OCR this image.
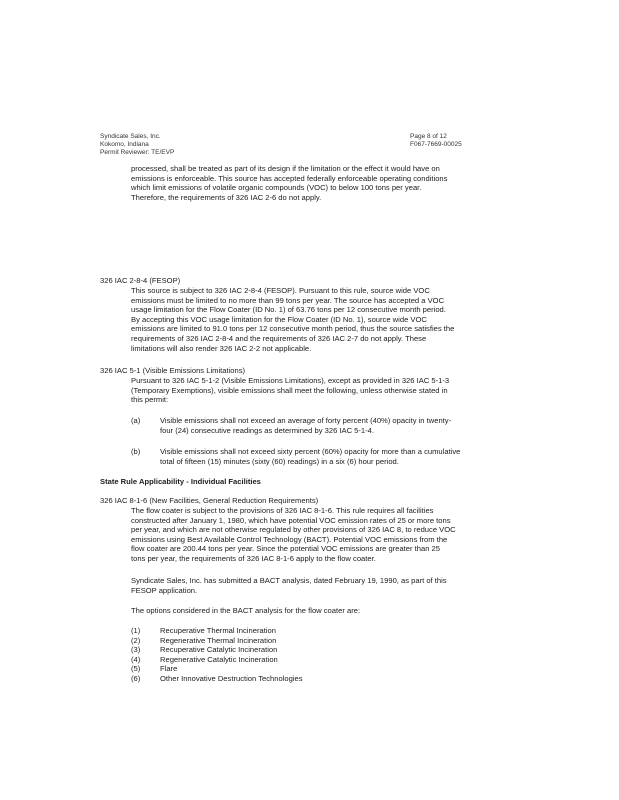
Syndicate Sales, Inc.
Kokomo, Indiana
Permit Reviewer: TE/EVP
Page 8 of 12
F067-7669-00025
processed, shall be treated as part of its design if the limitation or the effect it would have on
emissions is enforceable. This source has accepted federally enforceable operating conditions
which limit emissions of volatile organic compounds (VOC) to below 100 tons per year.
Therefore, the requirements of 326 IAC 2-6 do not apply.
326 IAC 2-8-4 (FESOP)
This source is subject to 326 IAC 2-8-4 (FESOP). Pursuant to this rule, source wide VOC
emissions must be limited to no more than 99 tons per year. The source has accepted a VOC
usage limitation for the Flow Coater (ID No. 1) of 63.76 tons per 12 consecutive month period.
By accepting this VOC usage limitation for the Flow Coater (ID No. 1), source wide VOC
emissions are limited to 91.0 tons per 12 consecutive month period, thus the source satisfies the
requirements of 326 IAC 2-8-4 and the requirements of 326 IAC 2-7 do not apply. These
limitations will also render 326 IAC 2-2 not applicable.
326 IAC 5-1 (Visible Emissions Limitations)
Pursuant to 326 IAC 5-1-2 (Visible Emissions Limitations), except as provided in 326 IAC 5-1-3
(Temporary Exemptions), visible emissions shall meet the following, unless otherwise stated in
this permit:
(a)	Visible emissions shall not exceed an average of forty percent (40%) opacity in twenty-
four (24) consecutive readings as determined by 326 IAC 5-1-4.
(b)	Visible emissions shall not exceed sixty percent (60%) opacity for more than a cumulative
total of fifteen (15) minutes (sixty (60) readings) in a six (6) hour period.
State Rule Applicability - Individual Facilities
326 IAC 8-1-6 (New Facilities, General Reduction Requirements)
The flow coater is subject to the provisions of 326 IAC 8-1-6. This rule requires all facilities
constructed after January 1, 1980, which have potential VOC emission rates of 25 or more tons
per year, and which are not otherwise regulated by other provisions of 326 IAC 8, to reduce VOC
emissions using Best Available Control Technology (BACT). Potential VOC emissions from the
flow coater are 200.44 tons per year. Since the potential VOC emissions are greater than 25
tons per year, the requirements of 326 IAC 8-1-6 apply to the flow coater.
Syndicate Sales, Inc. has submitted a BACT analysis, dated February 19, 1990, as part of this
FESOP application.
The options considered in the BACT analysis for the flow coater are:
(1)	Recuperative Thermal Incineration
(2)	Regenerative Thermal Incineration
(3)	Recuperative Catalytic Incineration
(4)	Regenerative Catalytic Incineration
(5)	Flare
(6)	Other Innovative Destruction Technologies
